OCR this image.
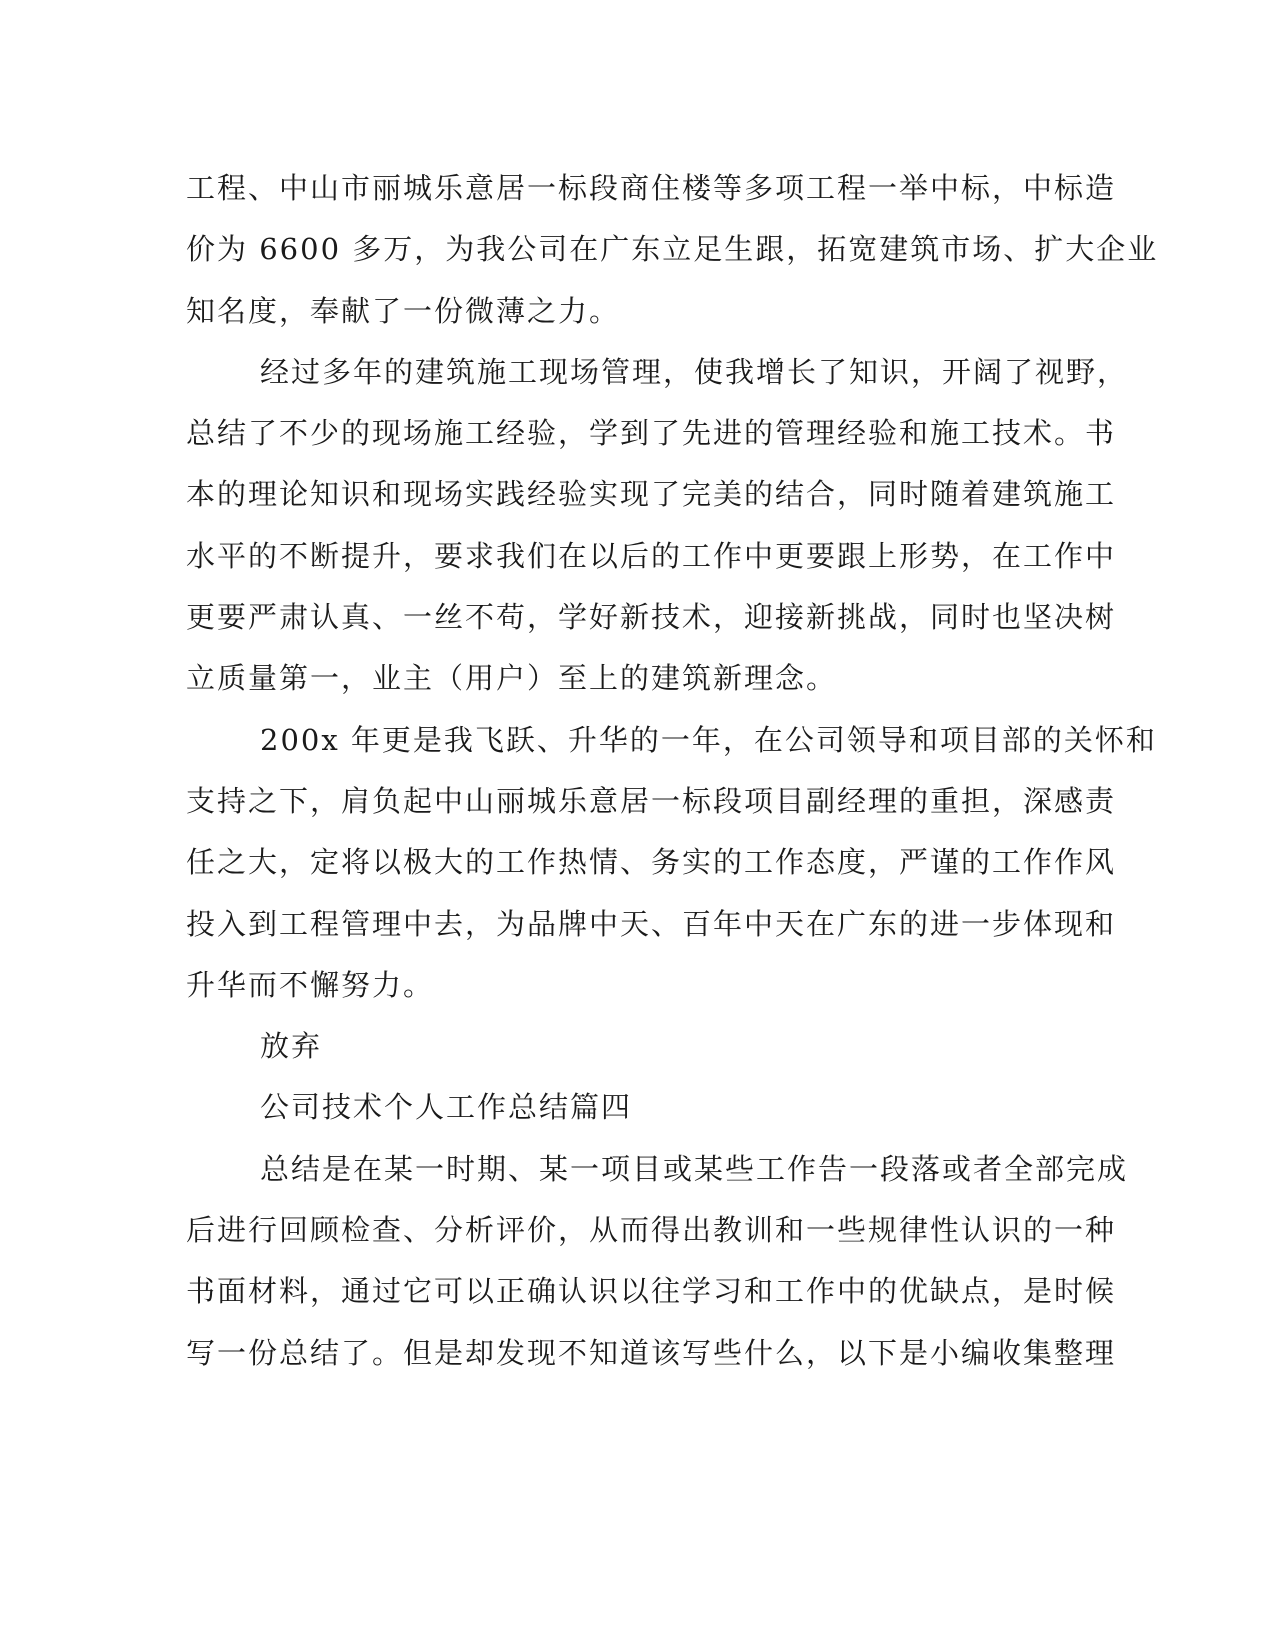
工程、中山市丽城乐意居一标段商住楼等多项工程一举中标，中标造
价为 6600 多万，为我公司在广东立足生跟，拓宽建筑市场、扩大企业
知名度，奉献了一份微薄之力。
经过多年的建筑施工现场管理，使我增长了知识，开阔了视野，
总结了不少的现场施工经验，学到了先进的管理经验和施工技术。书
本的理论知识和现场实践经验实现了完美的结合，同时随着建筑施工
水平的不断提升，要求我们在以后的工作中更要跟上形势，在工作中
更要严肃认真、一丝不苟，学好新技术，迎接新挑战，同时也坚决树
立质量第一，业主（用户）至上的建筑新理念。
200x 年更是我飞跃、升华的一年，在公司领导和项目部的关怀和
支持之下，肩负起中山丽城乐意居一标段项目副经理的重担，深感责
任之大，定将以极大的工作热情、务实的工作态度，严谨的工作作风
投入到工程管理中去，为品牌中天、百年中天在广东的进一步体现和
升华而不懈努力。
放弃
公司技术个人工作总结篇四
总结是在某一时期、某一项目或某些工作告一段落或者全部完成
后进行回顾检查、分析评价，从而得出教训和一些规律性认识的一种
书面材料，通过它可以正确认识以往学习和工作中的优缺点，是时候
写一份总结了。但是却发现不知道该写些什么，以下是小编收集整理
